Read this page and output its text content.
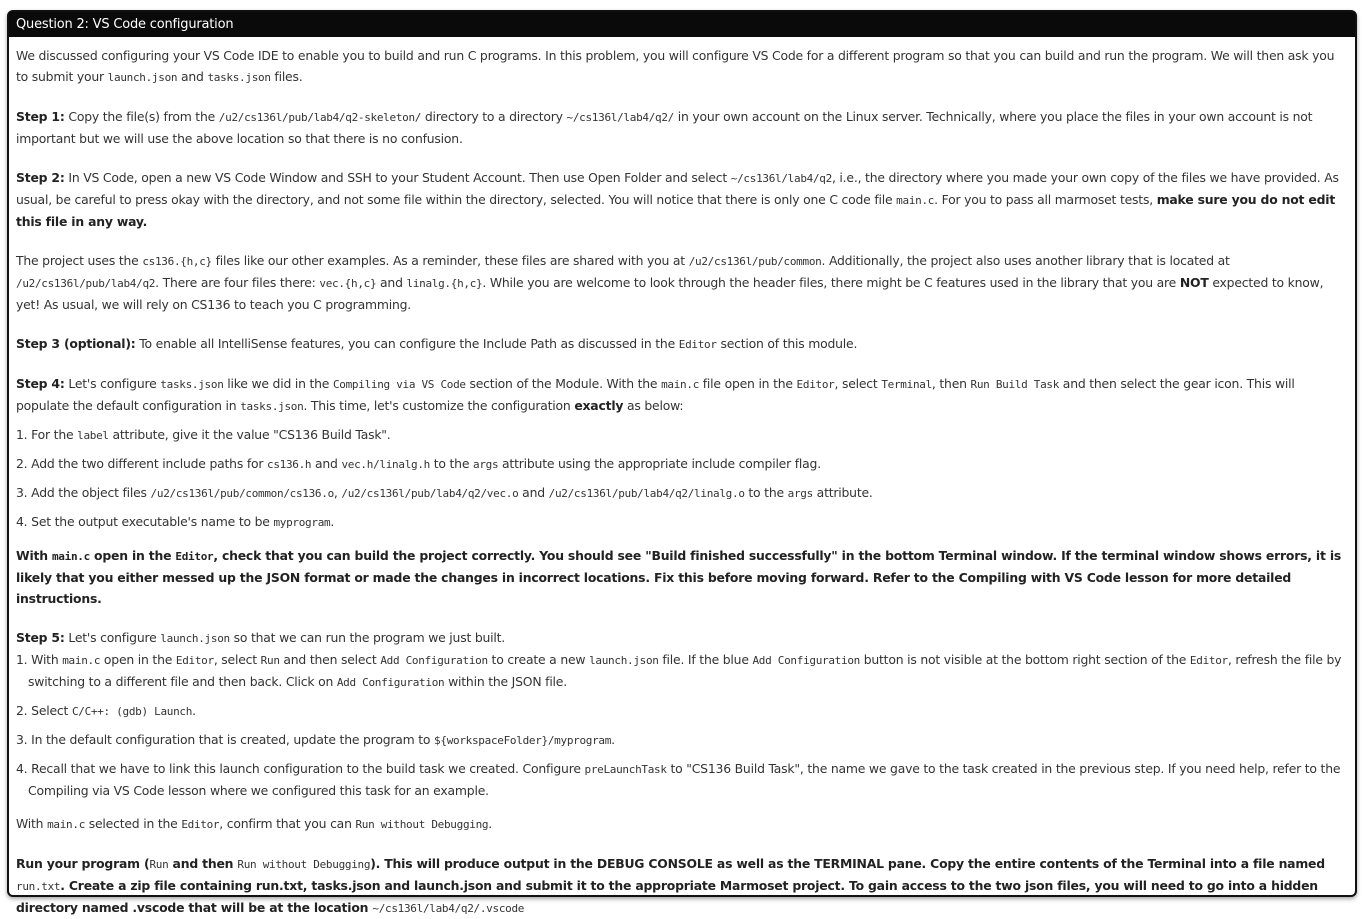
Question 2: VS Code configuration

We discussed configuring your VS Code IDE to enable you to build and run C programs. In this problem, you will configure VS Code for a different program so that you can build and run the program. We will then ask you to submit your launch.json and tasks.json files.

Step 1: Copy the file(s) from the /u2/cs136l/pub/lab4/q2-skeleton/ directory to a directory ~/cs136l/lab4/q2/ in your own account on the Linux server. Technically, where you place the files in your own account is not important but we will use the above location so that there is no confusion.

Step 2: In VS Code, open a new VS Code Window and SSH to your Student Account. Then use Open Folder and select ~/cs136l/lab4/q2, i.e., the directory where you made your own copy of the files we have provided. As usual, be careful to press okay with the directory, and not some file within the directory, selected. You will notice that there is only one C code file main.c. For you to pass all marmoset tests, make sure you do not edit this file in any way.

The project uses the cs136.{h,c} files like our other examples. As a reminder, these files are shared with you at /u2/cs136l/pub/common. Additionally, the project also uses another library that is located at /u2/cs136l/pub/lab4/q2. There are four files there: vec.{h,c} and linalg.{h,c}. While you are welcome to look through the header files, there might be C features used in the library that you are NOT expected to know, yet! As usual, we will rely on CS136 to teach you C programming.

Step 3 (optional): To enable all IntelliSense features, you can configure the Include Path as discussed in the Editor section of this module.

Step 4: Let's configure tasks.json like we did in the Compiling via VS Code section of the Module. With the main.c file open in the Editor, select Terminal, then Run Build Task and then select the gear icon. This will populate the default configuration in tasks.json. This time, let's customize the configuration exactly as below:

1. For the label attribute, give it the value "CS136 Build Task".
2. Add the two different include paths for cs136.h and vec.h/linalg.h to the args attribute using the appropriate include compiler flag.
3. Add the object files /u2/cs136l/pub/common/cs136.o, /u2/cs136l/pub/lab4/q2/vec.o and /u2/cs136l/pub/lab4/q2/linalg.o to the args attribute.
4. Set the output executable's name to be myprogram.

With main.c open in the Editor, check that you can build the project correctly. You should see "Build finished successfully" in the bottom Terminal window. If the terminal window shows errors, it is likely that you either messed up the JSON format or made the changes in incorrect locations. Fix this before moving forward. Refer to the Compiling with VS Code lesson for more detailed instructions.

Step 5: Let's configure launch.json so that we can run the program we just built.

1. With main.c open in the Editor, select Run and then select Add Configuration to create a new launch.json file. If the blue Add Configuration button is not visible at the bottom right section of the Editor, refresh the file by switching to a different file and then back. Click on Add Configuration within the JSON file.
2. Select C/C++: (gdb) Launch.
3. In the default configuration that is created, update the program to ${workspaceFolder}/myprogram.
4. Recall that we have to link this launch configuration to the build task we created. Configure preLaunchTask to "CS136 Build Task", the name we gave to the task created in the previous step. If you need help, refer to the Compiling via VS Code lesson where we configured this task for an example.

With main.c selected in the Editor, confirm that you can Run without Debugging.

Run your program (Run and then Run without Debugging). This will produce output in the DEBUG CONSOLE as well as the TERMINAL pane. Copy the entire contents of the Terminal into a file named run.txt. Create a zip file containing run.txt, tasks.json and launch.json and submit it to the appropriate Marmoset project. To gain access to the two json files, you will need to go into a hidden directory named .vscode that will be at the location ~/cs136l/lab4/q2/.vscode
